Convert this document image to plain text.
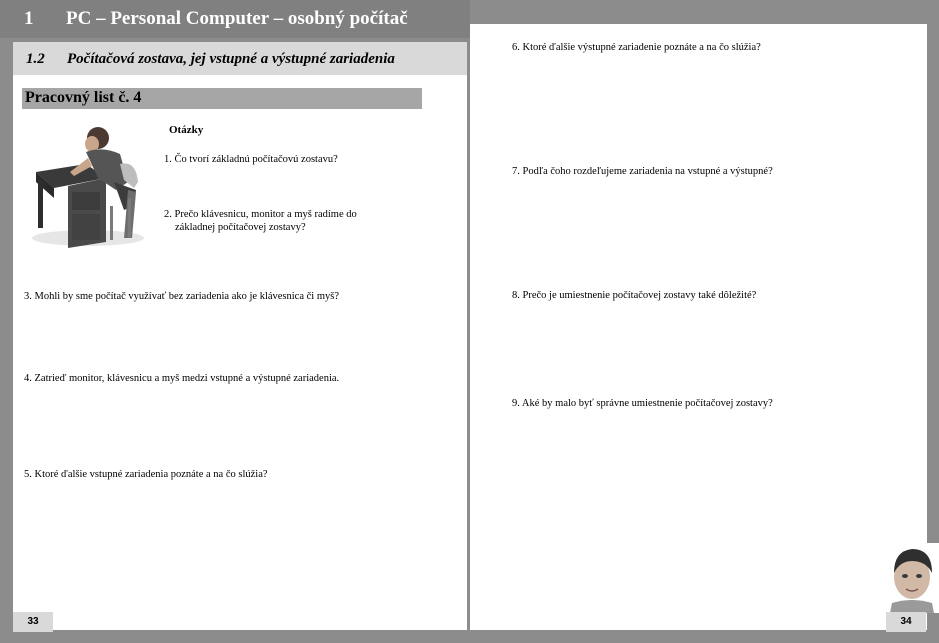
1 PC – Personal Computer – osobný počítač
1.2 Počítačová zostava, jej vstupné a výstupné zariadenia
Pracovný list č. 4
Otázky
1. Čo tvorí základnú počítačovú zostavu?
2. Prečo klávesnicu, monitor a myš radíme do
základnej počítačovej zostavy?
3. Mohli by sme počítač využívať bez zariadenia ako je klávesnica či myš?
4. Zatrieď monitor, klávesnicu a myš medzi vstupné a výstupné zariadenia.
5. Ktoré ďalšie vstupné zariadenia poznáte a na čo slúžia?
6. Ktoré ďalšie výstupné zariadenie poznáte a na čo slúžia?
7. Podľa čoho rozdeľujeme zariadenia na vstupné a výstupné?
8. Prečo je umiestnenie počítačovej zostavy také dôležité?
9. Aké by malo byť správne umiestnenie počítačovej zostavy?
33	34
